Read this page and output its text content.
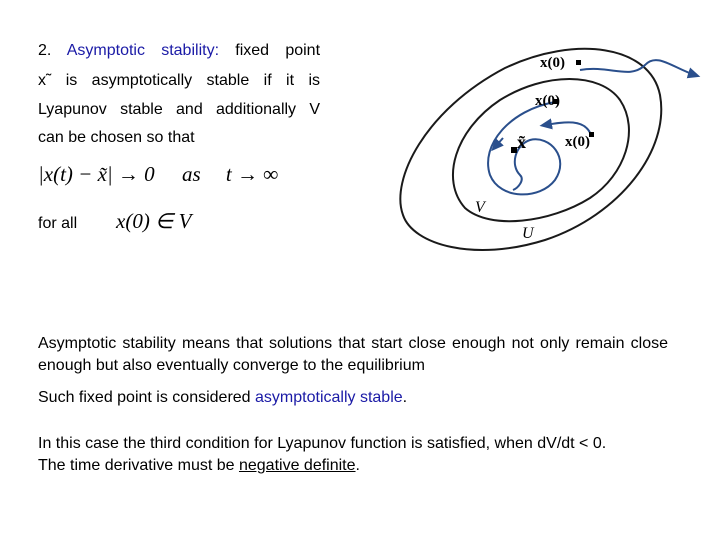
2. Asymptotic stability: fixed point
x˜ is asymptotically stable if it is
Lyapunov stable and additionally V
can be chosen so that
|x(t) − x̃| → 0 as t → ∞
for all x(0) ∈ V
x(0)
x(0)
x(0)
x̃
V
U
Asymptotic stability means that solutions that start close enough not only remain close enough but also eventually converge to the equilibrium
Such fixed point is considered asymptotically stable.
In this case the third condition for Lyapunov function is satisfied, when dV/dt < 0.
The time derivative must be negative definite.
